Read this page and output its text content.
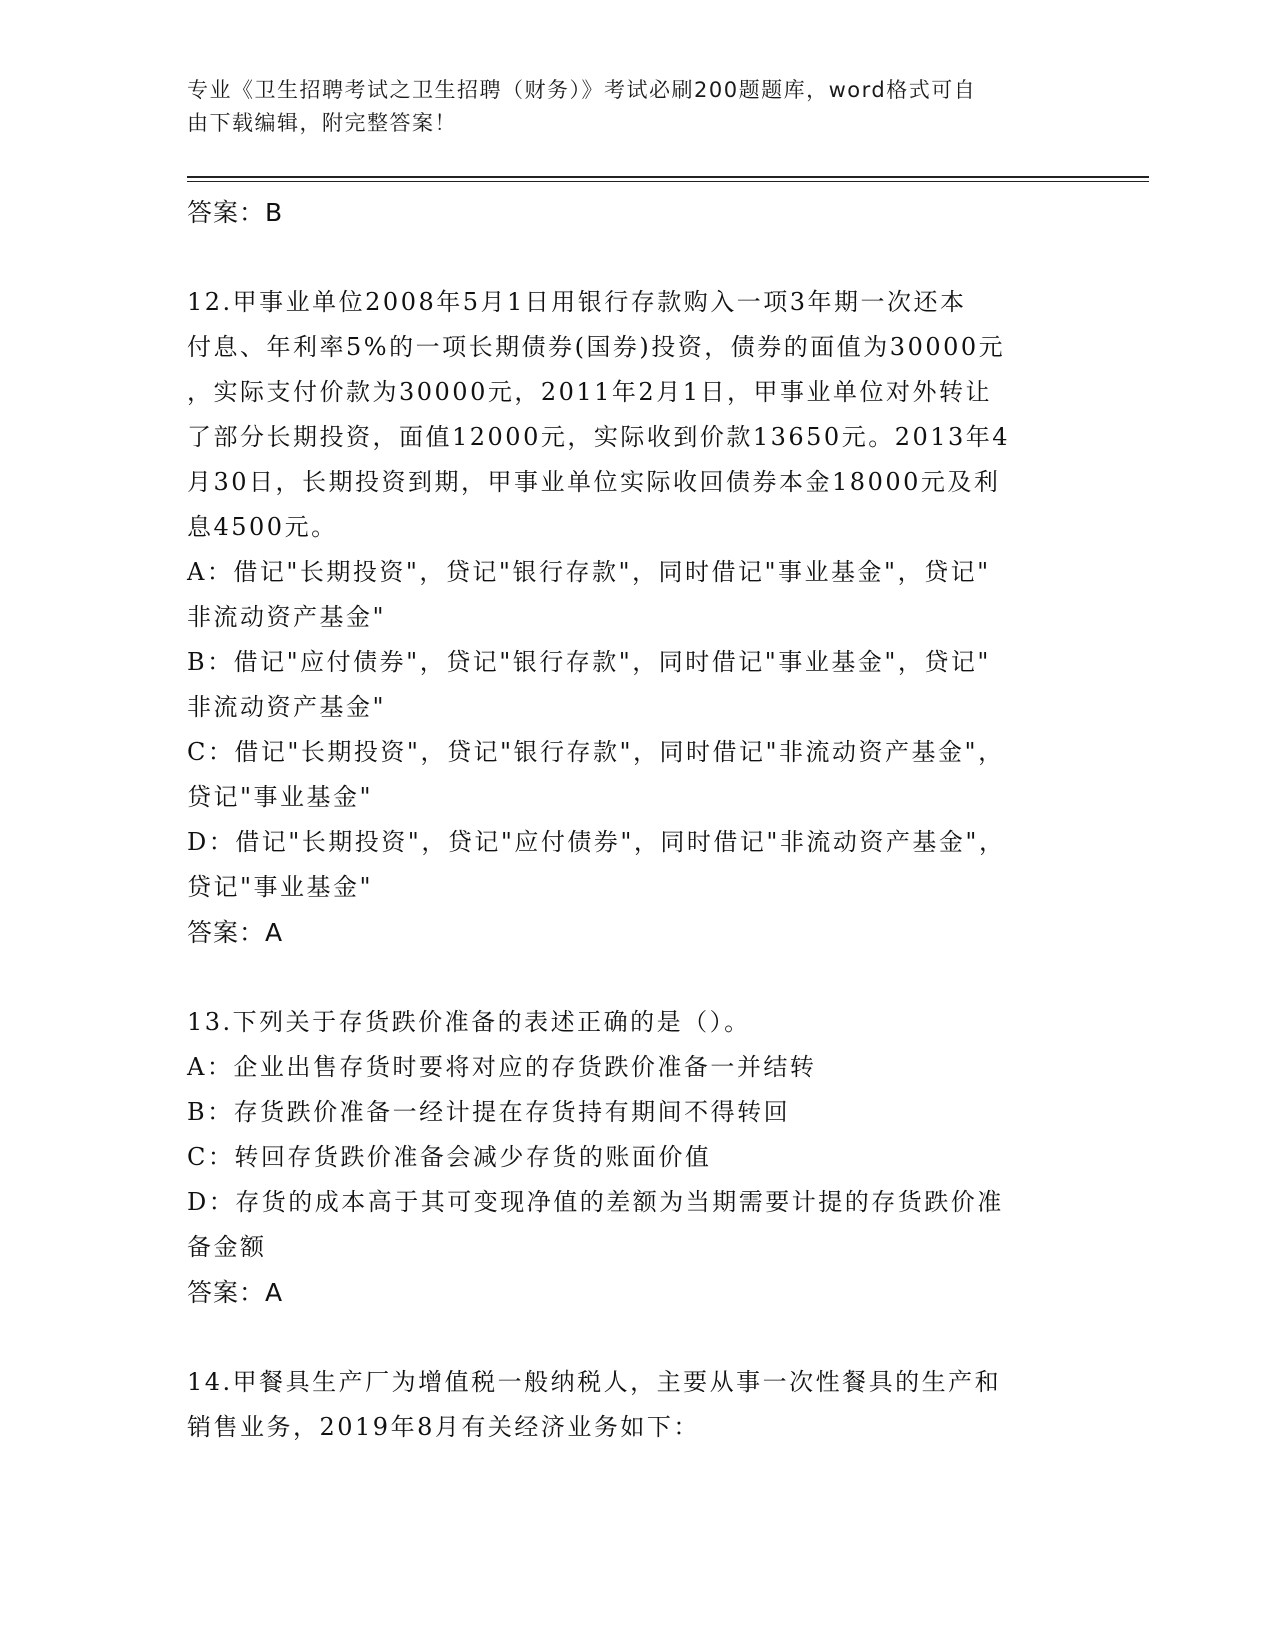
专业《卫生招聘考试之卫生招聘（财务）》考试必刷200题题库，word格式可自
由下载编辑，附完整答案！
答案：B
12.甲事业单位2008年5月1日用银行存款购入一项3年期一次还本
付息、年利率5%的一项长期债券(国券)投资，债券的面值为30000元
，实际支付价款为30000元，2011年2月1日，甲事业单位对外转让
了部分长期投资，面值12000元，实际收到价款13650元。2013年4
月30日，长期投资到期，甲事业单位实际收回债券本金18000元及利
息4500元。
A：借记"长期投资"，贷记"银行存款"，同时借记"事业基金"，贷记"
非流动资产基金"
B：借记"应付债券"，贷记"银行存款"，同时借记"事业基金"，贷记"
非流动资产基金"
C：借记"长期投资"，贷记"银行存款"，同时借记"非流动资产基金"，
贷记"事业基金"
D：借记"长期投资"，贷记"应付债券"，同时借记"非流动资产基金"，
贷记"事业基金"
答案：A
13.下列关于存货跌价准备的表述正确的是（）。
A：企业出售存货时要将对应的存货跌价准备一并结转
B：存货跌价准备一经计提在存货持有期间不得转回
C：转回存货跌价准备会减少存货的账面价值
D：存货的成本高于其可变现净值的差额为当期需要计提的存货跌价准
备金额
答案：A
14.甲餐具生产厂为增值税一般纳税人，主要从事一次性餐具的生产和
销售业务，2019年8月有关经济业务如下：
